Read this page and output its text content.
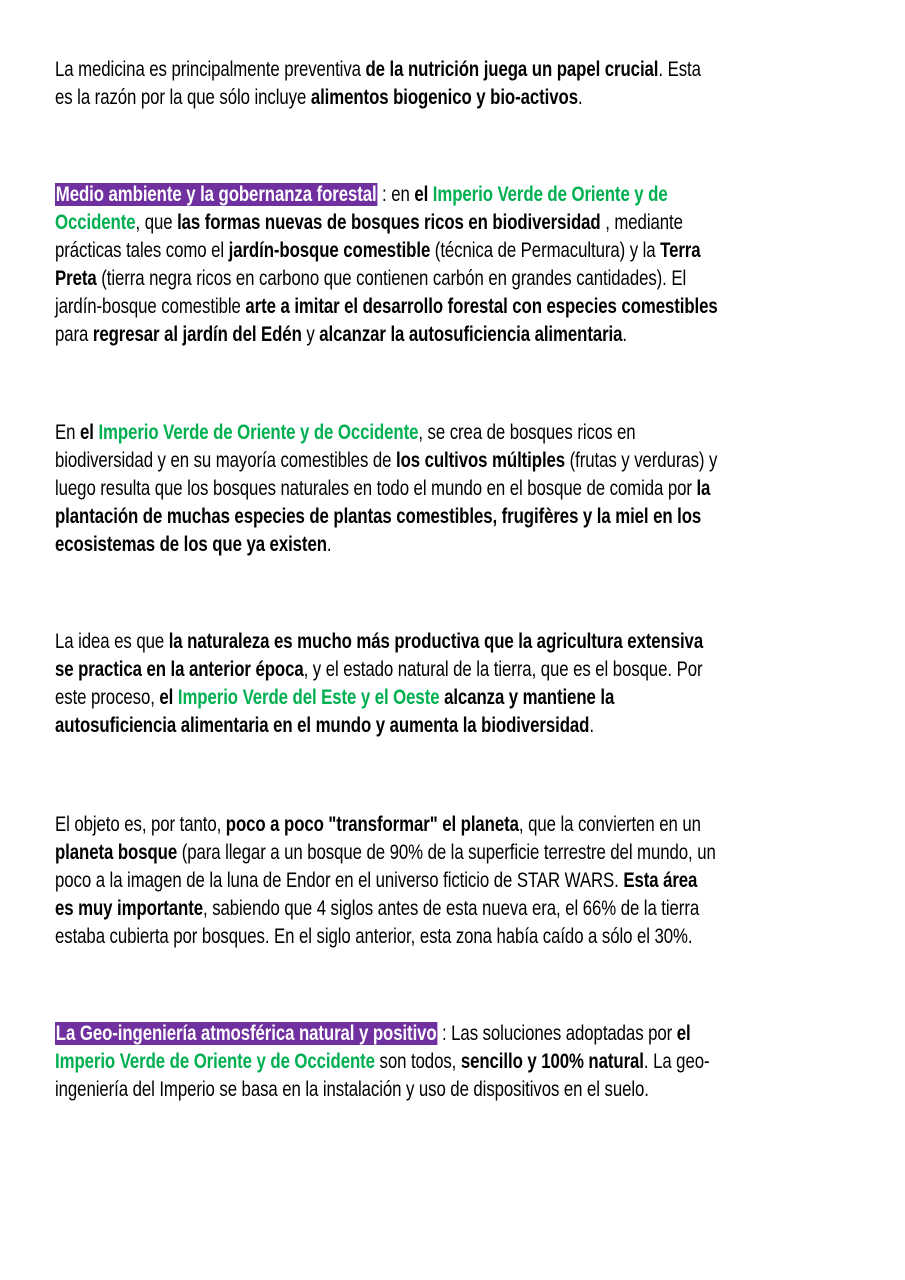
La medicina es principalmente preventiva de la nutrición juega un papel crucial. Esta
es la razón por la que sólo incluye alimentos biogenico y bio-activos.

Medio ambiente y la gobernanza forestal : en el Imperio Verde de Oriente y de
Occidente, que las formas nuevas de bosques ricos en biodiversidad , mediante
prácticas tales como el jardín-bosque comestible (técnica de Permacultura) y la Terra
Preta (tierra negra ricos en carbono que contienen carbón en grandes cantidades). El
jardín-bosque comestible arte a imitar el desarrollo forestal con especies comestibles
para regresar al jardín del Edén y alcanzar la autosuficiencia alimentaria.

En el Imperio Verde de Oriente y de Occidente, se crea de bosques ricos en
biodiversidad y en su mayoría comestibles de los cultivos múltiples (frutas y verduras) y
luego resulta que los bosques naturales en todo el mundo en el bosque de comida por la
plantación de muchas especies de plantas comestibles, frugifères y la miel en los
ecosistemas de los que ya existen.

La idea es que la naturaleza es mucho más productiva que la agricultura extensiva
se practica en la anterior época, y el estado natural de la tierra, que es el bosque. Por
este proceso, el Imperio Verde del Este y el Oeste alcanza y mantiene la
autosuficiencia alimentaria en el mundo y aumenta la biodiversidad.

El objeto es, por tanto, poco a poco "transformar" el planeta, que la convierten en un
planeta bosque (para llegar a un bosque de 90% de la superficie terrestre del mundo, un
poco a la imagen de la luna de Endor en el universo ficticio de STAR WARS. Esta área
es muy importante, sabiendo que 4 siglos antes de esta nueva era, el 66% de la tierra
estaba cubierta por bosques. En el siglo anterior, esta zona había caído a sólo el 30%.

La Geo-ingeniería atmosférica natural y positivo : Las soluciones adoptadas por el
Imperio Verde de Oriente y de Occidente son todos, sencillo y 100% natural. La geo-
ingeniería del Imperio se basa en la instalación y uso de dispositivos en el suelo.
